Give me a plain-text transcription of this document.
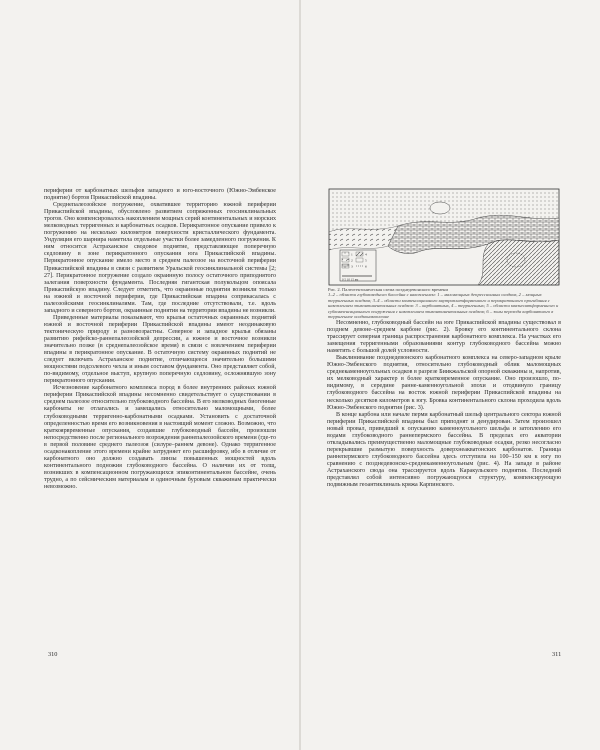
периферии от карбонатных шельфов западного и юго-восточного (Южно-Эмбенское поднятие) бортов Прикаспийской впадины.

Среднепалеозойское погружение, охватившее территорию южной периферии Прикаспийской впадины, обусловлено развитием сопряженных геосинклинальных трогов. Оно компенсировалось накоплением мощных серий континентальных и морских мелководных терригенных и карбонатных осадков. Перикратонное опускание привело к погружению на несколько километров поверхности кристаллического фундамента. Ундуляция его шарнира наметила отдельные участки более замедленного погружения. К ним относится Астраханское сводовое поднятие, представляющее поперечную седловину в зоне перикратонного опускания юга Прикаспийской впадины. Перикратонное опускание имело место в среднем палеозое на восточной периферии Прикаспийской впадины в связи с развитием Уральской геосинклинальной системы [2; 27]. Перикратонное погружение создало окраинную полосу остаточного приподнятого залегания поверхности фундамента. Последняя гигантская полукольцом опоясала Прикаспийскую впадину. Следует отметить, что окраинные поднятия возникли только на южной и восточной периферии, где Прикаспийская впадина соприкасалась с палеозойскими геосинклиналями. Там, где последние отсутствовали, т.е. вдоль западного и северного бортов, окраинные поднятия на территории впадины не возникли.

Приведенные материалы показывают, что крылья остаточных окраинных поднятий южной и восточной периферии Прикаспийской впадины имеют неодинаковую тектоническую природу и разновозрастны. Северное и западное крылья обязаны развитию рифейско-раннепалеозойской депрессии, а южное и восточное возникли значительно позже (в среднепалеозойское время) в связи с вовлечением периферии впадины в перикратонное опускание. В остаточную систему окраинных поднятий не следует включать Астраханское поднятие, отличающееся значительно большими мощностями подсолевого чехла и иным составом фундамента. Оно представляет собой, по-видимому, отдельное выступ, крупную поперечную седловину, осложнявшую зону перикратонного опускания.

Исчезновение карбонатного комплекса пород в более внутренних районах южной периферии Прикаспийской впадины несомненно свидетельствует о существовании в среднем палеозое относительно глубоководного бассейна. В его мелководных биогенные карбонаты не отлагались и замещались относительно маломощными, более глубоководными терригенно-карбонатными осадками. Установить с достаточной определенностью время его возникновения в настоящий момент сложно. Возможно, что краткоярвременные опускания, создавшие глубоководный бассейн, произошли непосредственно после регионального возрождения раннепалеозойского времени (где-то в первой половине среднего палеозоя (силуре–раннем девоне). Однако терригенное осадконакопление этого времени крайне затрудняет его расшифровку, ибо в отличие от карбонатного оно должно создавать линзы повышенных мощностей вдоль континентального подножия глубоководного бассейна. О наличии их от толщ, возникших в компенсационном погружающихся эпиконтинентальном бассейне, очень трудно, а по сейсмическим материалам и одиночным буровым скважинам практически невозможно.

310
1
2
3
4
5
6
0 5 10 15 км
Рис. 2. Палеотектоническая схема позднедевонского времени
1–2 – области глубоководного бассейна с накоплением: 1 – маломощных депрессионных осадков, 2 – мощных терригенных осадков; 3–4 – области компенсационного внутриплатформенного и перикратонного прогибания с накоплением эпиконтинентальных осадков: 3 – карбонатных, 4 – терригенных; 5 – области квазиплатформенного и субкомпенсационного погружения с накоплением эпиконтинентальных осадков; 6 – зоны перехода карбонатного в терригенное осадконакопление

Несомненно, глубоководный бассейн на юге Прикаспийской впадины существовал в позднем девоне–среднем карбоне (рис. 2). Бровку его континентального склона трассирует северная граница распространения карбонатного комплекса. На участках его замещения терригенными образованиями контур глубоководного бассейна можно наметить с большой долей условности.

Выклинивание позднедевонского карбонатного комплекса на северо-западном крыле Южно-Эмбенского поднятия, относительно глубоководный облик маломощных среднекаменноугольных осадков в разрезе Биикжальской опорной скважины и, напротив, их мелководный характер в более кратковременное опускание. Оно произошло, по-видимому, в середине ранне-каменноугольной эпохи и отодвинуло границу глубоководного бассейна на восток южной периферии Прикаспийской впадины на несколько десятков километров к югу. Бровка континентального склона проходила вдоль Южно-Эмбенского поднятия (рис. 3).

В конце карбона или начале перми карбонатный шельф центрального сектора южной периферии Прикаспийской впадины был приподнят и денудирован. Затем произошел новый провал, приведший к опусканию каменноугольного шельфа и затоплению его водами глубоководного раннепермского бассейна. В пределах его акватории откладывались преимущественно маломощные глубоководные осадки, резко несогласно перекрывшие размытую поверхность доверхнеакватонских карбонатов. Граница раннепермского глубоководного бассейна здесь отступила на 100–150 км к югу по сравнению с позднедевонско-среднекаменноугольным (рис. 4). На западе в районе Астраханского свода она трассируется вдоль Каракульского поднятия. Последний представлял собой интенсивно погружающуюся структуру, компенсирующую подвижным геоантиклиналь кряжа Карпинского.

311
